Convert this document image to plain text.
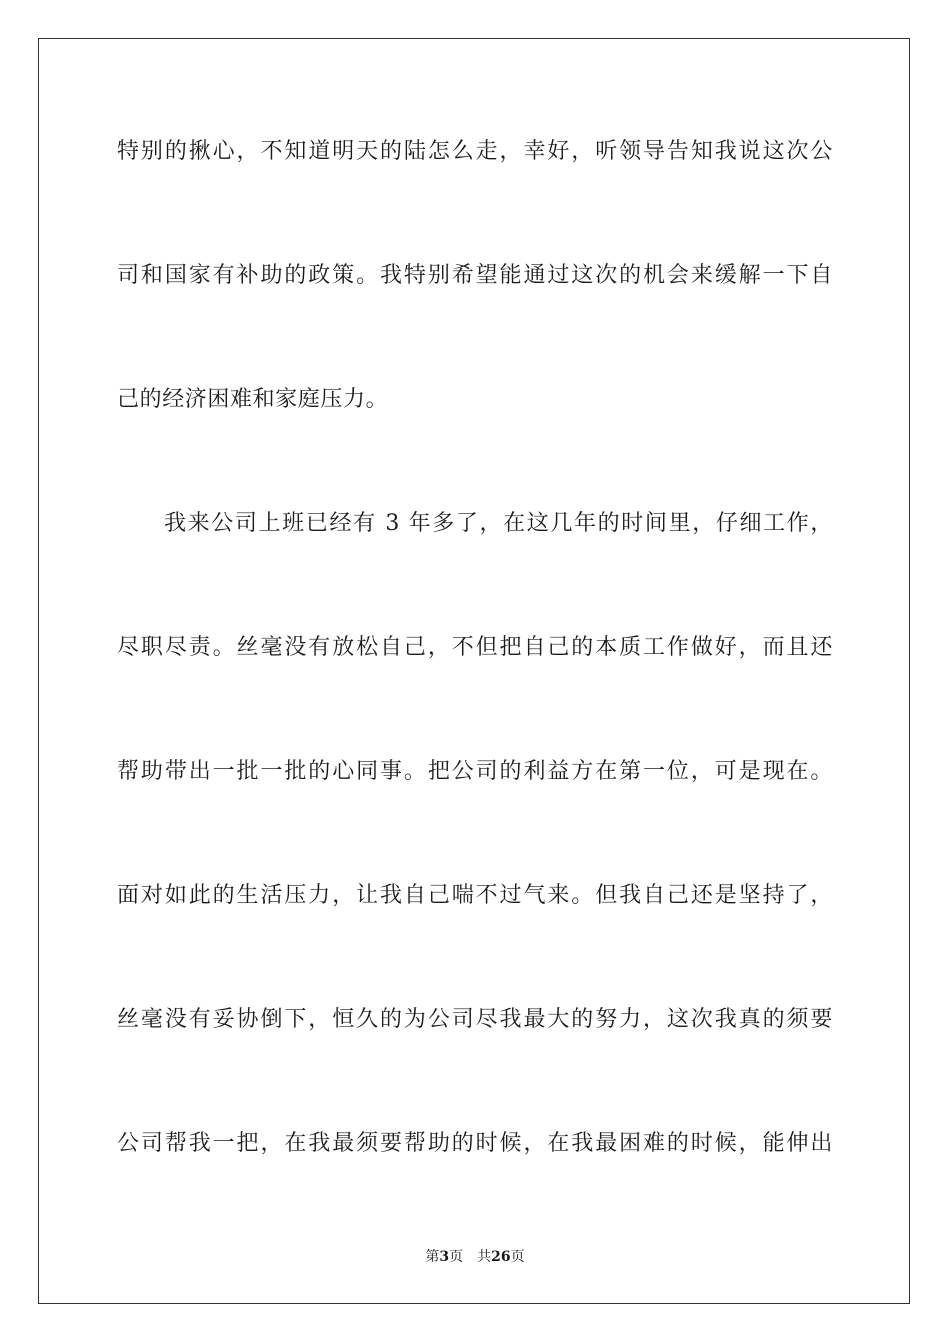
特别的揪心，不知道明天的陆怎么走，幸好，听领导告知我说这次公
司和国家有补助的政策。我特别希望能通过这次的机会来缓解一下自
己的经济困难和家庭压力。
我来公司上班已经有 3 年多了，在这几年的时间里，仔细工作，
尽职尽责。丝毫没有放松自己，不但把自己的本质工作做好，而且还
帮助带出一批一批的心同事。把公司的利益方在第一位，可是现在。
面对如此的生活压力，让我自己喘不过气来。但我自己还是坚持了，
丝毫没有妥协倒下，恒久的为公司尽我最大的努力，这次我真的须要
公司帮我一把，在我最须要帮助的时候，在我最困难的时候，能伸出
第3页 共26页
